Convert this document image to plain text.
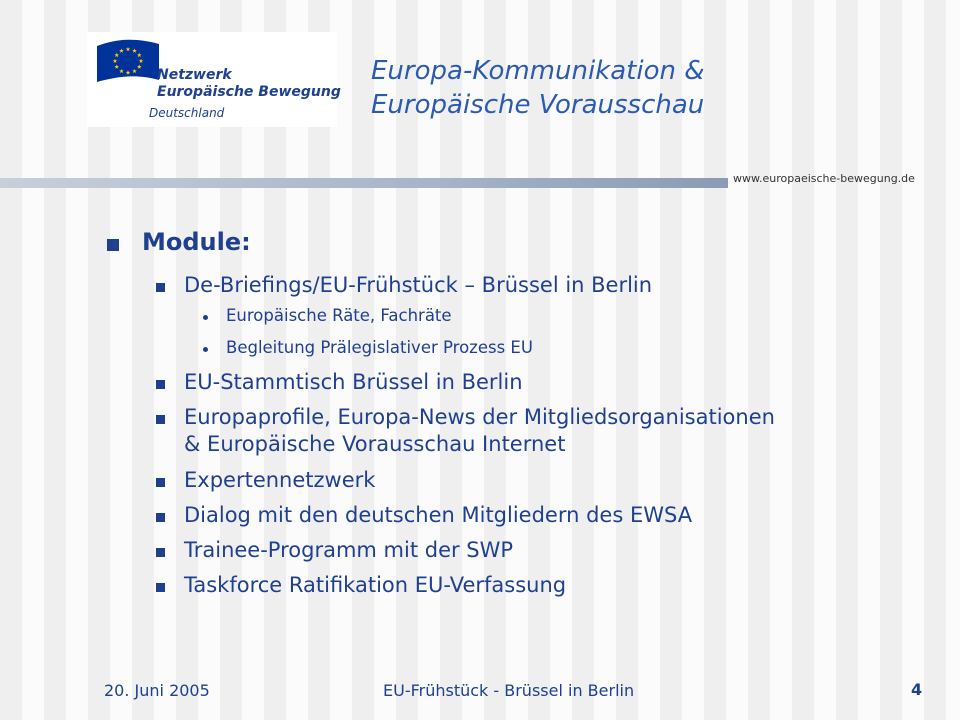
Netzwerk
Europäische Bewegung
Deutschland
Europa-Kommunikation &
Europäische Vorausschau
www.europaeische-bewegung.de
Module:
De-Briefings/EU-Frühstück – Brüssel in Berlin
Europäische Räte, Fachräte
Begleitung Prälegislativer Prozess EU
EU-Stammtisch Brüssel in Berlin
Europaprofile, Europa-News der Mitgliedsorganisationen
& Europäische Vorausschau Internet
Expertennetzwerk
Dialog mit den deutschen Mitgliedern des EWSA
Trainee-Programm mit der SWP
Taskforce Ratifikation EU-Verfassung
20. Juni 2005	EU-Frühstück - Brüssel in Berlin	4
